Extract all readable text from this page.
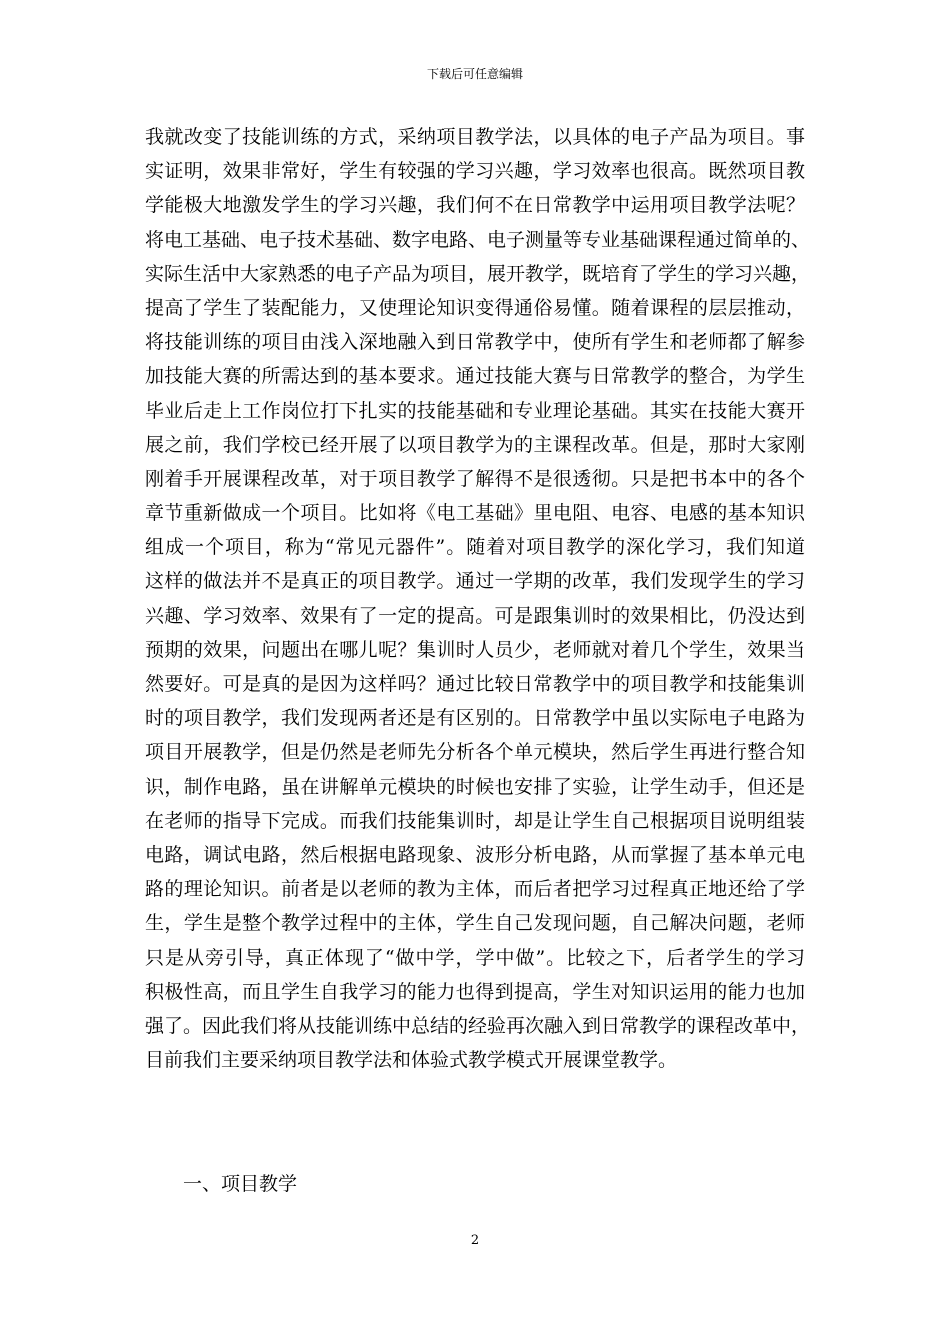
下载后可任意编辑
我就改变了技能训练的方式，采纳项目教学法，以具体的电子产品为项目。事
实证明，效果非常好，学生有较强的学习兴趣，学习效率也很高。既然项目教
学能极大地激发学生的学习兴趣，我们何不在日常教学中运用项目教学法呢？
将电工基础、电子技术基础、数字电路、电子测量等专业基础课程通过简单的、
实际生活中大家熟悉的电子产品为项目，展开教学，既培育了学生的学习兴趣，
提高了学生了装配能力，又使理论知识变得通俗易懂。随着课程的层层推动，
将技能训练的项目由浅入深地融入到日常教学中，使所有学生和老师都了解参
加技能大赛的所需达到的基本要求。通过技能大赛与日常教学的整合，为学生
毕业后走上工作岗位打下扎实的技能基础和专业理论基础。其实在技能大赛开
展之前，我们学校已经开展了以项目教学为的主课程改革。但是，那时大家刚
刚着手开展课程改革，对于项目教学了解得不是很透彻。只是把书本中的各个
章节重新做成一个项目。比如将《电工基础》里电阻、电容、电感的基本知识
组成一个项目，称为“常见元器件”。随着对项目教学的深化学习，我们知道
这样的做法并不是真正的项目教学。通过一学期的改革，我们发现学生的学习
兴趣、学习效率、效果有了一定的提高。可是跟集训时的效果相比，仍没达到
预期的效果，问题出在哪儿呢？集训时人员少，老师就对着几个学生，效果当
然要好。可是真的是因为这样吗？通过比较日常教学中的项目教学和技能集训
时的项目教学，我们发现两者还是有区别的。日常教学中虽以实际电子电路为
项目开展教学，但是仍然是老师先分析各个单元模块，然后学生再进行整合知
识，制作电路，虽在讲解单元模块的时候也安排了实验，让学生动手，但还是
在老师的指导下完成。而我们技能集训时，却是让学生自己根据项目说明组装
电路，调试电路，然后根据电路现象、波形分析电路，从而掌握了基本单元电
路的理论知识。前者是以老师的教为主体，而后者把学习过程真正地还给了学
生，学生是整个教学过程中的主体，学生自己发现问题，自己解决问题，老师
只是从旁引导，真正体现了“做中学，学中做”。比较之下，后者学生的学习
积极性高，而且学生自我学习的能力也得到提高，学生对知识运用的能力也加
强了。因此我们将从技能训练中总结的经验再次融入到日常教学的课程改革中，
目前我们主要采纳项目教学法和体验式教学模式开展课堂教学。
一、项目教学
2
